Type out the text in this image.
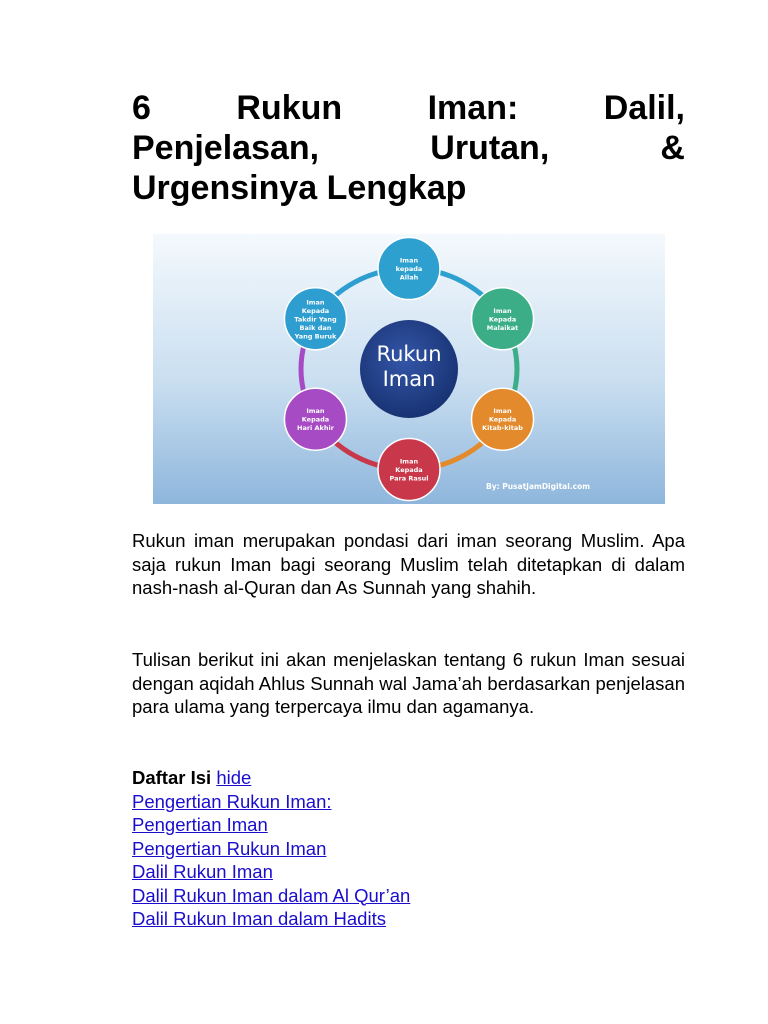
6	Rukun	Iman:	Dalil,
Penjelasan,	Urutan,	&
Urgensinya Lengkap
Iman
kepada
Allah
Iman
Kepada
Malaikat
Iman
Kepada
Kitab-kitab
Iman
Kepada
Para Rasul
Iman
Kepada
Hari Akhir
Iman
Kepada
Takdir Yang
Baik dan
Yang Buruk
Rukun
Iman
By: PusatJamDigital.com

Rukun iman merupakan pondasi dari iman seorang Muslim. Apa saja rukun Iman bagi seorang Muslim telah ditetapkan di dalam nash-nash al-Quran dan As Sunnah yang shahih.

Tulisan berikut ini akan menjelaskan tentang 6 rukun Iman sesuai dengan aqidah Ahlus Sunnah wal Jama’ah berdasarkan penjelasan para ulama yang terpercaya ilmu dan agamanya.

Daftar Isi hide
Pengertian Rukun Iman:
Pengertian Iman
Pengertian Rukun Iman
Dalil Rukun Iman
Dalil Rukun Iman dalam Al Qur’an
Dalil Rukun Iman dalam Hadits
